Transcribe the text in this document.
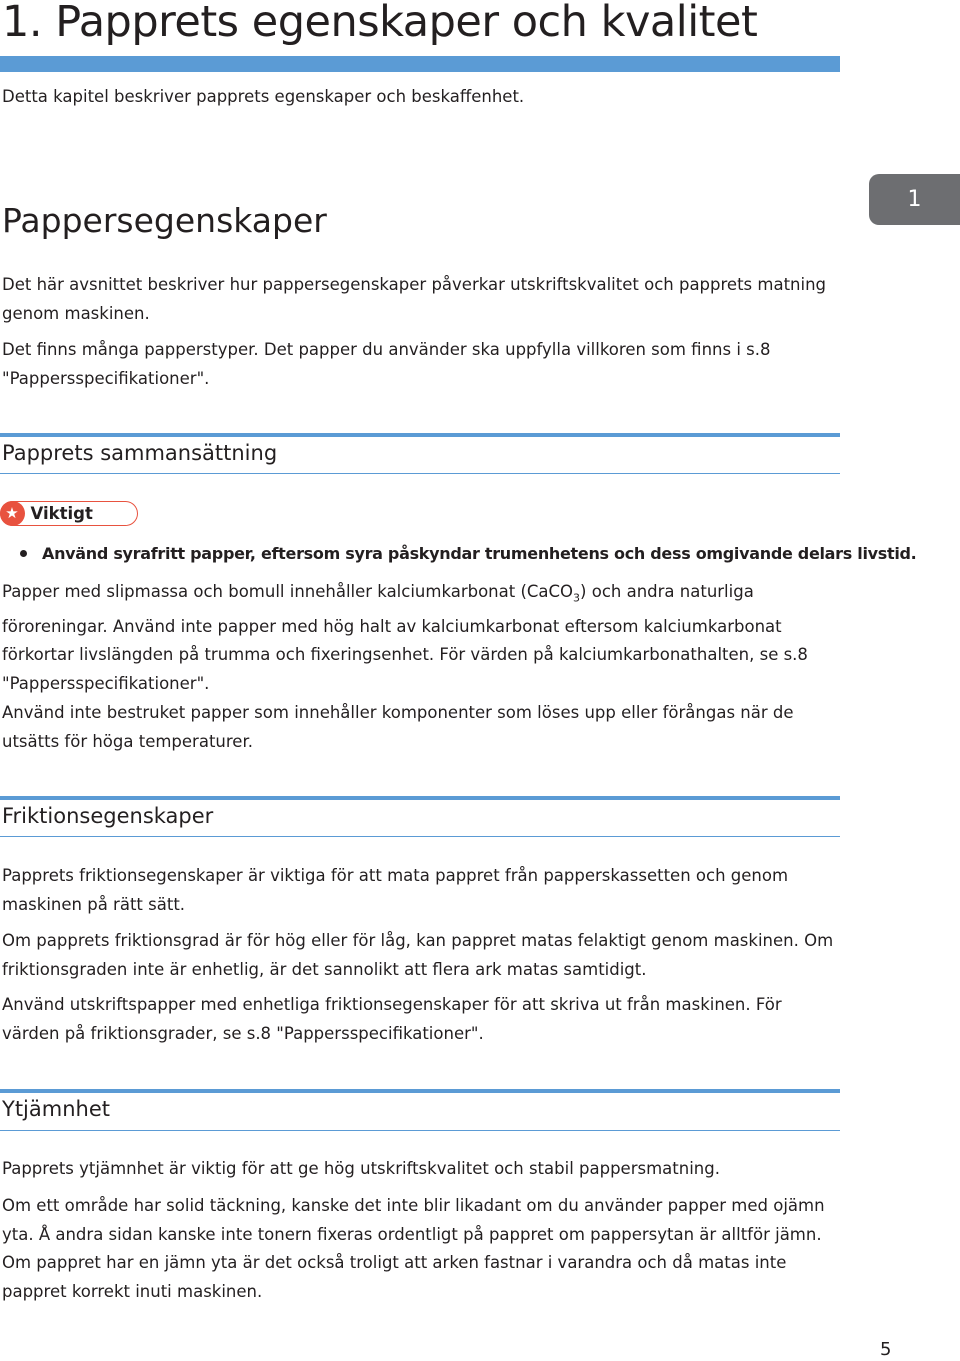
1. Papprets egenskaper och kvalitet

Detta kapitel beskriver papprets egenskaper och beskaffenhet.

Pappersegenskaper
1

Det här avsnittet beskriver hur pappersegenskaper påverkar utskriftskvalitet och papprets matning genom maskinen.

Det finns många papperstyper. Det papper du använder ska uppfylla villkoren som finns i s.8 "Pappersspecifikationer".

Papprets sammansättning
★ Viktigt

Använd syrafritt papper, eftersom syra påskyndar trumenhetens och dess omgivande delars livstid.

Papper med slipmassa och bomull innehåller kalciumkarbonat (CaCO$_3$) och andra naturliga föroreningar. Använd inte papper med hög halt av kalciumkarbonat eftersom kalciumkarbonat förkortar livslängden på trumma och fixeringsenhet. För värden på kalciumkarbonathalten, se s.8 "Pappersspecifikationer".

Använd inte bestruket papper som innehåller komponenter som löses upp eller förångas när de utsätts för höga temperaturer.

Friktionsegenskaper

Papprets friktionsegenskaper är viktiga för att mata pappret från papperskassetten och genom maskinen på rätt sätt.

Om papprets friktionsgrad är för hög eller för låg, kan pappret matas felaktigt genom maskinen. Om friktionsgraden inte är enhetlig, är det sannolikt att flera ark matas samtidigt.

Använd utskriftspapper med enhetliga friktionsegenskaper för att skriva ut från maskinen. För värden på friktionsgrader, se s.8 "Pappersspecifikationer".

Ytjämnhet

Papprets ytjämnhet är viktig för att ge hög utskriftskvalitet och stabil pappersmatning.

Om ett område har solid täckning, kanske det inte blir likadant om du använder papper med ojämn yta. Å andra sidan kanske inte tonern fixeras ordentligt på pappret om pappersytan är alltför jämn. Om pappret har en jämn yta är det också troligt att arken fastnar i varandra och då matas inte pappret korrekt inuti maskinen.

5
